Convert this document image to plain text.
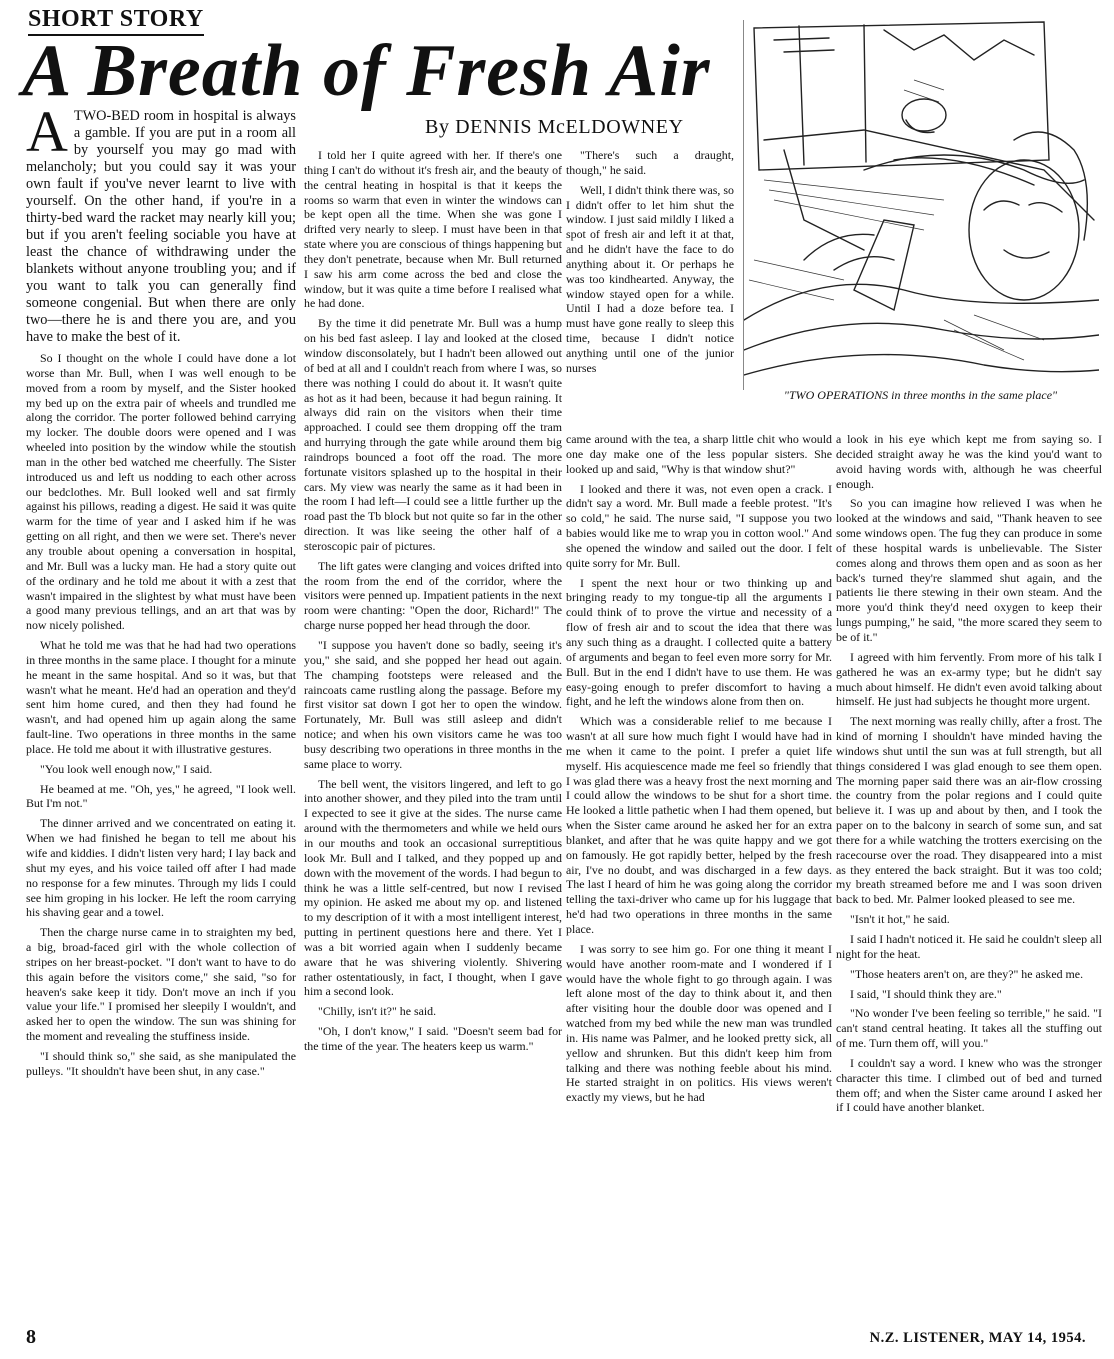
SHORT STORY
A Breath of Fresh Air
By DENNIS McELDOWNEY
"TWO OPERATIONS in three months in the same place"

ATWO-BED room in hospital is always a gamble. If you are put in a room all by yourself you may go mad with melancholy; but you could say it was your own fault if you've never learnt to live with yourself. On the other hand, if you're in a thirty-bed ward the racket may nearly kill you; but if you aren't feeling sociable you have at least the chance of withdrawing under the blankets without anyone troubling you; and if you want to talk you can generally find someone congenial. But when there are only two—there he is and there you are, and you have to make the best of it.

So I thought on the whole I could have done a lot worse than Mr. Bull, when I was well enough to be moved from a room by myself, and the Sister hooked my bed up on the extra pair of wheels and trundled me along the corridor. The porter followed behind carrying my locker. The double doors were opened and I was wheeled into position by the window while the stoutish man in the other bed watched me cheerfully. The Sister introduced us and left us nodding to each other across our bedclothes. Mr. Bull looked well and sat firmly against his pillows, reading a digest. He said it was quite warm for the time of year and I asked him if he was getting on all right, and then we were set. There's never any trouble about opening a conversation in hospital, and Mr. Bull was a lucky man. He had a story quite out of the ordinary and he told me about it with a zest that wasn't impaired in the slightest by what must have been a good many previous tellings, and an art that was by now nicely polished.

What he told me was that he had had two operations in three months in the same place. I thought for a minute he meant in the same hospital. And so it was, but that wasn't what he meant. He'd had an operation and they'd sent him home cured, and then they had found he wasn't, and had opened him up again along the same fault-line. Two operations in three months in the same place. He told me about it with illustrative gestures.

"You look well enough now," I said.

He beamed at me. "Oh, yes," he agreed, "I look well. But I'm not."

The dinner arrived and we concentrated on eating it. When we had finished he began to tell me about his wife and kiddies. I didn't listen very hard; I lay back and shut my eyes, and his voice tailed off after I had made no response for a few minutes. Through my lids I could see him groping in his locker. He left the room carrying his shaving gear and a towel.

Then the charge nurse came in to straighten my bed, a big, broad-faced girl with the whole collection of stripes on her breast-pocket. "I don't want to have to do this again before the visitors come," she said, "so for heaven's sake keep it tidy. Don't move an inch if you value your life." I promised her sleepily I wouldn't, and asked her to open the window. The sun was shining for the moment and revealing the stuffiness inside.

"I should think so," she said, as she manipulated the pulleys. "It shouldn't have been shut, in any case."

I told her I quite agreed with her. If there's one thing I can't do without it's fresh air, and the beauty of the central heating in hospital is that it keeps the rooms so warm that even in winter the windows can be kept open all the time. When she was gone I drifted very nearly to sleep. I must have been in that state where you are conscious of things happening but they don't penetrate, because when Mr. Bull returned I saw his arm come across the bed and close the window, but it was quite a time before I realised what he had done.

By the time it did penetrate Mr. Bull was a hump on his bed fast asleep. I lay and looked at the closed window disconsolately, but I hadn't been allowed out of bed at all and I couldn't reach from where I was, so there was nothing I could do about it. It wasn't quite as hot as it had been, because it had begun raining. It always did rain on the visitors when their time approached. I could see them dropping off the tram and hurrying through the gate while around them big raindrops bounced a foot off the road. The more fortunate visitors splashed up to the hospital in their cars. My view was nearly the same as it had been in the room I had left—I could see a little further up the road past the Tb block but not quite so far in the other direction. It was like seeing the other half of a steroscopic pair of pictures.

The lift gates were clanging and voices drifted into the room from the end of the corridor, where the visitors were penned up. Impatient patients in the next room were chanting: "Open the door, Richard!" The charge nurse popped her head through the door.

"I suppose you haven't done so badly, seeing it's you," she said, and she popped her head out again. The champing footsteps were released and the raincoats came rustling along the passage. Before my first visitor sat down I got her to open the window. Fortunately, Mr. Bull was still asleep and didn't notice; and when his own visitors came he was too busy describing two operations in three months in the same place to worry.

The bell went, the visitors lingered, and left to go into another shower, and they piled into the tram until I expected to see it give at the sides. The nurse came around with the thermometers and while we held ours in our mouths and took an occasional surreptitious look Mr. Bull and I talked, and they popped up and down with the movement of the words. I had begun to think he was a little self-centred, but now I revised my opinion. He asked me about my op. and listened to my description of it with a most intelligent interest, putting in pertinent questions here and there. Yet I was a bit worried again when I suddenly became aware that he was shivering violently. Shivering rather ostentatiously, in fact, I thought, when I gave him a second look.

"Chilly, isn't it?" he said.

"Oh, I don't know," I said. "Doesn't seem bad for the time of the year. The heaters keep us warm."

"There's such a draught, though," he said.

Well, I didn't think there was, so I didn't offer to let him shut the window. I just said mildly I liked a spot of fresh air and left it at that, and he didn't have the face to do anything about it. Or perhaps he was too kindhearted. Anyway, the window stayed open for a while. Until I had a doze before tea. I must have gone really to sleep this time, because I didn't notice anything until one of the junior nurses

came around with the tea, a sharp little chit who would one day make one of the less popular sisters. She looked up and said, "Why is that window shut?"

I looked and there it was, not even open a crack. I didn't say a word. Mr. Bull made a feeble protest. "It's so cold," he said. The nurse said, "I suppose you two babies would like me to wrap you in cotton wool." And she opened the window and sailed out the door. I felt quite sorry for Mr. Bull.

I spent the next hour or two thinking up and bringing ready to my tongue-tip all the arguments I could think of to prove the virtue and necessity of a flow of fresh air and to scout the idea that there was any such thing as a draught. I collected quite a battery of arguments and began to feel even more sorry for Mr. Bull. But in the end I didn't have to use them. He was easy-going enough to prefer discomfort to having a fight, and he left the windows alone from then on.

Which was a considerable relief to me because I wasn't at all sure how much fight I would have had in me when it came to the point. I prefer a quiet life myself. His acquiescence made me feel so friendly that I was glad there was a heavy frost the next morning and I could allow the windows to be shut for a short time. He looked a little pathetic when I had them opened, but when the Sister came around he asked her for an extra blanket, and after that he was quite happy and we got on famously. He got rapidly better, helped by the fresh air, I've no doubt, and was discharged in a few days. The last I heard of him he was going along the corridor telling the taxi-driver who came up for his luggage that he'd had two operations in three months in the same place.

I was sorry to see him go. For one thing it meant I would have another room-mate and I wondered if I would have the whole fight to go through again. I was left alone most of the day to think about it, and then after visiting hour the double door was opened and I watched from my bed while the new man was trundled in. His name was Palmer, and he looked pretty sick, all yellow and shrunken. But this didn't keep him from talking and there was nothing feeble about his mind. He started straight in on politics. His views weren't exactly my views, but he had

a look in his eye which kept me from saying so. I decided straight away he was the kind you'd want to avoid having words with, although he was cheerful enough.

So you can imagine how relieved I was when he looked at the windows and said, "Thank heaven to see some windows open. The fug they can produce in some of these hospital wards is unbelievable. The Sister comes along and throws them open and as soon as her back's turned they're slammed shut again, and the patients lie there stewing in their own steam. And the more you'd think they'd need oxygen to keep their lungs pumping," he said, "the more scared they seem to be of it."

I agreed with him fervently. From more of his talk I gathered he was an ex-army type; but he didn't say much about himself. He didn't even avoid talking about himself. He just had subjects he thought more urgent.

The next morning was really chilly, after a frost. The kind of morning I shouldn't have minded having the windows shut until the sun was at full strength, but all things considered I was glad enough to see them open. The morning paper said there was an air-flow crossing the country from the polar regions and I could quite believe it. I was up and about by then, and I took the paper on to the balcony in search of some sun, and sat there for a while watching the trotters exercising on the racecourse over the road. They disappeared into a mist as they entered the back straight. But it was too cold; my breath streamed before me and I was soon driven back to bed. Mr. Palmer looked pleased to see me.

"Isn't it hot," he said.

I said I hadn't noticed it. He said he couldn't sleep all night for the heat.

"Those heaters aren't on, are they?" he asked me.

I said, "I should think they are."

"No wonder I've been feeling so terrible," he said. "I can't stand central heating. It takes all the stuffing out of me. Turn them off, will you."

I couldn't say a word. I knew who was the stronger character this time. I climbed out of bed and turned them off; and when the Sister came around I asked her if I could have another blanket.

8	N.Z. LISTENER, MAY 14, 1954.
